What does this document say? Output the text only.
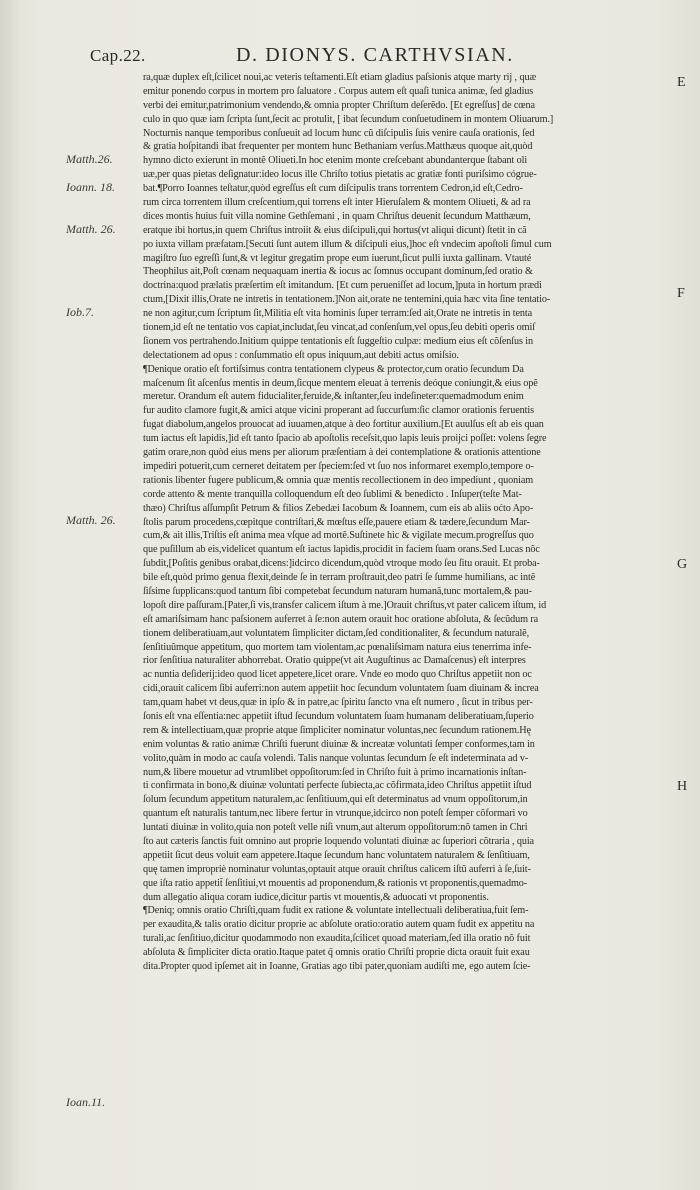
Cap.22.	D. DIONYS. CARTHVSIAN.
Matth.26.
Ioann. 18.
Matth. 26.
Iob.7.
Matth. 26.
Ioan.11.
E
F
G
H
ra,quæ duplex eſt,ſcilicet noui,ac veteris teſtamenti.Eſt etiam gladius paſsionis atque marty rij , quæ
emitur ponendo corpus in mortem pro ſaluatore . Corpus autem eſt quaſi tunica animæ, ſed gladius
verbi dei emitur,patrimonium vendendo,& omnia propter Chriſtum deſerẽdo. [Et egreſſus] de cœna
culo in quo quæ iam ſcripta ſunt,ſecit ac protulit, [ ibat ſecundum conſuetudinem in montem Oliuarum.]
Nocturnis nanque temporibus conſueuit ad locum hunc cũ diſcipulis ſuis venire cauſa orationis, ſed
& gratia hoſpitandi ibat frequenter per montem hunc Bethaniam verſus.Matthæus quoque ait,quòd
hymno dicto exierunt in montẽ Oliueti.In hoc etenim monte creſcebant abundanterque ſtabant oli
uæ,per quas pietas deſignatur:ideo locus ille Chriſto totius pietatis ac gratiæ fonti puriſsimo cógrue-
bat.¶Porro Ioannes teſtatur,quòd egreſſus eſt cum diſcipulis trans torrentem Cedron,id eſt,Cedro-
rum circa torrentem illum creſcentium,qui torrens eſt inter Hieruſalem & montem Oliueti, & ad ra
dices montis huius fuit villa nomine Gethſemani , in quam Chriſtus deuenit ſecundum Matthæum,
eratque ibi hortus,in quem Chriſtus introiit & eius diſcipuli,qui hortus(vt aliqui dicunt) ſtetit in cã
po iuxta villam præfatam.[Secuti ſunt autem illum & diſcipuli eius,]hoc eſt vndecim apoſtoli ſimul cum
magiſtro ſuo egreſſi ſunt,& vt legitur gregatim prope eum iuerunt,ſicut pulli iuxta gallinam. Vtauté
Theophilus ait,Poſt cœnam nequaquam inertia & iocus ac ſomnus occupant dominum,ſed oratio &
doctrina:quod prælatis præſertim eſt imitandum. [Et cum perueniſſet ad locum,]puta in hortum prædi
ctum,[Dixit illis,Orate ne intretis in tentationem.]Non ait,orate ne tentemini,quia hæc vita ſine tentatio-
ne non agitur,cum ſcriptum ſit,Militia eſt vita hominis ſuper terram:ſed ait,Orate ne intretis in tenta
tionem,id eſt ne tentatio vos capiat,includat,ſeu vincat,ad conſenſum,vel opus,ſeu debiti operis omiſ
ſionem vos pertrahendo.Initium quippe tentationis eſt ſuggeſtio culpæ: medium eius eſt cõſenſus in
delectationem ad opus : conſummatio eſt opus iniquum,aut debiti actus omiſsio.
¶Denique oratio eſt fortiſsimus contra tentationem clypeus & protector,cum oratio ſecundum Da
maſcenum ſit aſcenſus mentis in deum,ſicque mentem eleuat à terrenis deóque coniungit,& eius opẽ
meretur. Orandum eſt autem fiducialiter,feruide,& inſtanter,ſeu indeſineter:quemadmodum enim
fur audito clamore fugit,& amici atque vicini properant ad ſuccurſum:ſic clamor orationis feruentis
fugat diabolum,angelos prouocat ad iuuamen,atque à deo fortitur auxilium.[Et auulſus eſt ab eis quan
tum iactus eſt lapidis,]id eſt tanto ſpacio ab apoſtolis receſsit,quo lapis leuis proijci poſſet: volens ſegre
gatim orare,non quòd eius mens per aliorum præſentiam à dei contemplatione & orationis attentione
impediri potuerit,cum cerneret deitatem per ſpeciem:ſed vt ſuo nos informaret exemplo,tempore o-
rationis libenter fugere publicum,& omnia quæ mentis recollectionem in deo impediunt , quoniam
corde attento & mente tranquilla colloquendum eſt deo ſublimi & benedicto . Inſuper(teſte Mat-
thæo) Chriſtus aſſumpſit Petrum & filios Zebedæi Iacobum & Ioannem, cum eis ab aliis oćto Apo-
ſtolis parum procedens,cœpitque contriſtari,& mœſtus eſſe,pauere etiam & tædere,ſecundum Mar-
cum,& ait illis,Triſtis eſt anima mea vſque ad mortẽ.Suſtinete hic & vigilate mecum.progreſſus quo
que puſillum ab eis,videlicet quantum eſt iactus lapidis,procidit in faciem ſuam orans.Sed Lucas nõc
ſubdit,[Poſitis genibus orabat,dicens:]idcirco dicendum,quòd vtroque modo ſeu ſitu orauit. Et proba-
bile eſt,quòd primo genua flexit,deinde ſe in terram proſtrauit,deo patri ſe ſumme humilians, ac intẽ
ſiſsime ſupplicans:quod tantum ſibi competebat ſecundum naturam humanã,tunc mortalem,& pau-
lopoſt dire paſſuram.[Pater,ſi vis,transfer calicem iſtum à me.]Orauit chriſtus,vt pater calicem iſtum, id
eſt amariſsimam hanc paſsionem auferret à ſe:non autem orauit hoc oratione abſoluta, & ſecũdum ra
tionem deliberatiuam,aut voluntatem ſimpliciter dictam,ſed conditionaliter, & ſecundum naturalẽ,
ſenſitiuũmque appetitum, quo mortem tam violentam,ac pœnaliſsimam natura eius tenerrima infe-
rior ſenſitiua naturaliter abhorrebat. Oratio quippe(vt ait Auguſtinus ac Damaſcenus) eſt interpres
ac nuntia deſiderij:ideo quod licet appetere,licet orare. Vnde eo modo quo Chriſtus appetiit non oc
cidi,orauit calicem ſibi auferri:non autem appetiit hoc ſecundum voluntatem ſuam diuinam & increa
tam,quam habet vt deus,quæ in ipſo & in patre,ac ſpiritu ſancto vna eſt numero , ſicut in tribus per-
ſonis eſt vna eſſentia:nec appetiit iſtud ſecundum voluntatem ſuam humanam deliberatiuam,ſuperio
rem & intellectiuam,quæ proprie atque ſimpliciter nominatur voluntas,nec ſecundum rationem.Hę
enim voluntas & ratio animæ Chriſti fuerunt diuinæ & increatæ voluntati ſemper conformes,tam in
volito,quàm in modo ac cauſa volendi. Talis nanque voluntas ſecundum ſe eſt indeterminata ad v-
num,& libere mouetur ad vtrumlibet oppoſitorum:ſed in Chriſto fuit à primo incarnationis inſtan-
ti confirmata in bono,& diuinæ voluntati perfecte ſubiecta,ac cõfirmata,ideo Chriſtus appetiit iſtud
ſolum ſecundum appetitum naturalem,ac ſenſitiuum,qui eſt determinatus ad vnum oppoſitorum,in
quantum eſt naturalis tantum,nec libere fertur in vtrunque,idcirco non poteſt ſemper cõformari vo
luntati diuinæ in volito,quia non poteſt velle niſi vnum,aut alterum oppoſitorum:nõ tamen in Chri
ſto aut cæteris ſanctis fuit omnino aut proprie loquendo voluntati diuinæ ac ſuperiori cõtraria , quia
appetiit ſicut deus voluit eam appetere.Itaque ſecundum hanc voluntatem naturalem & ſenſitiuam,
quę tamen impropriè nominatur voluntas,optauit atque orauit chriſtus calicem iſtũ auferri à ſe,ſuit-
que iſta ratio appetit̃ ſenſitiui,vt mouentis ad proponendum,& rationis vt proponentis,quemadmo-
dum allegatio aliqua coram iudice,dicitur partis vt mouentis,& aduocati vt proponentis.
¶Deniq; omnis oratio Chriſti,quam fudit ex ratione & voluntate intellectuali deliberatiua,fuit ſem-
per exaudita,& talis oratio dicitur proprie ac abſolute oratio:oratio autem quam fudit ex appetitu na
turali,ac ſenſitiuo,dicitur quodammodo non exaudita,ſcilicet quoad materiam,ſed illa oratio nõ fuit
abſoluta & ſimpliciter dicta oratio.Itaque patet q̃ omnis oratio Chriſti proprie dicta orauit fuit exau
dita.Propter quod ipſemet ait in Ioanne, Gratias ago tibi pater,quoniam audiſti me, ego autem ſcie-
